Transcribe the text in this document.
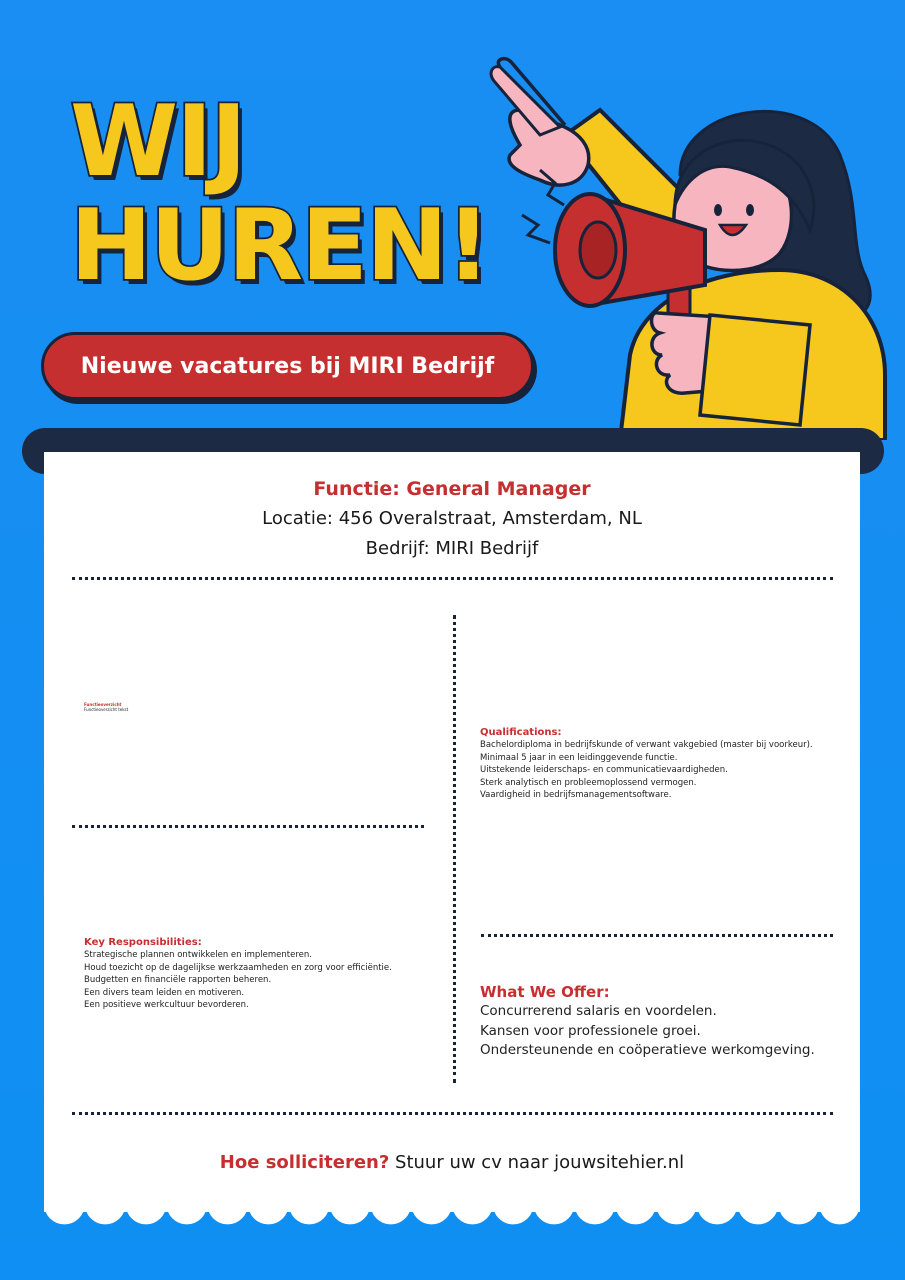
WIJ
HUREN!
Nieuwe vacatures bij MIRI Bedrijf
Functie: General Manager
Locatie: 456 Overalstraat, Amsterdam, NL
Bedrijf: MIRI Bedrijf
Functieoverzicht
Functieoverzicht tekst
Qualifications:
Bachelordiploma in bedrijfskunde of verwant vakgebied (master bij voorkeur).
Minimaal 5 jaar in een leidinggevende functie.
Uitstekende leiderschaps- en communicatievaardigheden.
Sterk analytisch en probleemoplossend vermogen.
Vaardigheid in bedrijfsmanagementsoftware.
Key Responsibilities:
Strategische plannen ontwikkelen en implementeren.
Houd toezicht op de dagelijkse werkzaamheden en zorg voor efficiëntie.
Budgetten en financiële rapporten beheren.
Een divers team leiden en motiveren.
Een positieve werkcultuur bevorderen.
What We Offer:
Concurrerend salaris en voordelen.
Kansen voor professionele groei.
Ondersteunende en coöperatieve werkomgeving.
Hoe solliciteren? Stuur uw cv naar jouwsitehier.nl
